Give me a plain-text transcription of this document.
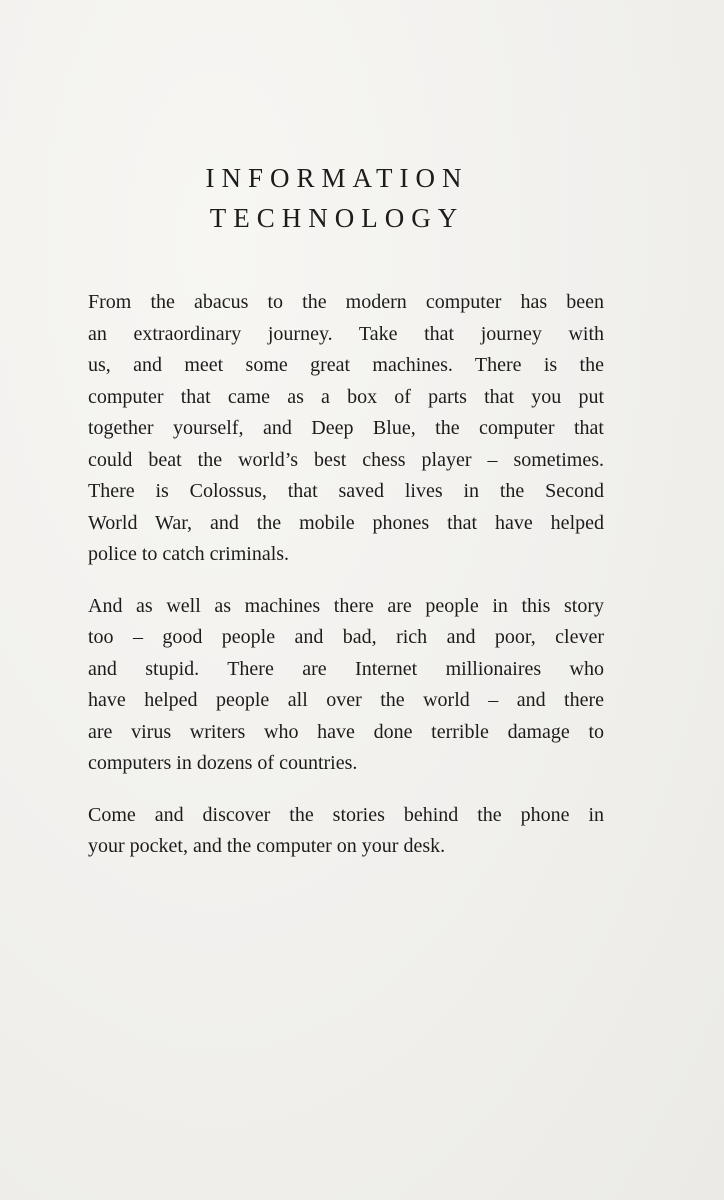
INFORMATION
TECHNOLOGY

From the abacus to the modern computer has been
an extraordinary journey. Take that journey with
us, and meet some great machines. There is the
computer that came as a box of parts that you put
together yourself, and Deep Blue, the computer that
could beat the world’s best chess player – sometimes.
There is Colossus, that saved lives in the Second
World War, and the mobile phones that have helped
police to catch criminals.

And as well as machines there are people in this story
too – good people and bad, rich and poor, clever
and stupid. There are Internet millionaires who
have helped people all over the world – and there
are virus writers who have done terrible damage to
computers in dozens of countries.

Come and discover the stories behind the phone in
your pocket, and the computer on your desk.
